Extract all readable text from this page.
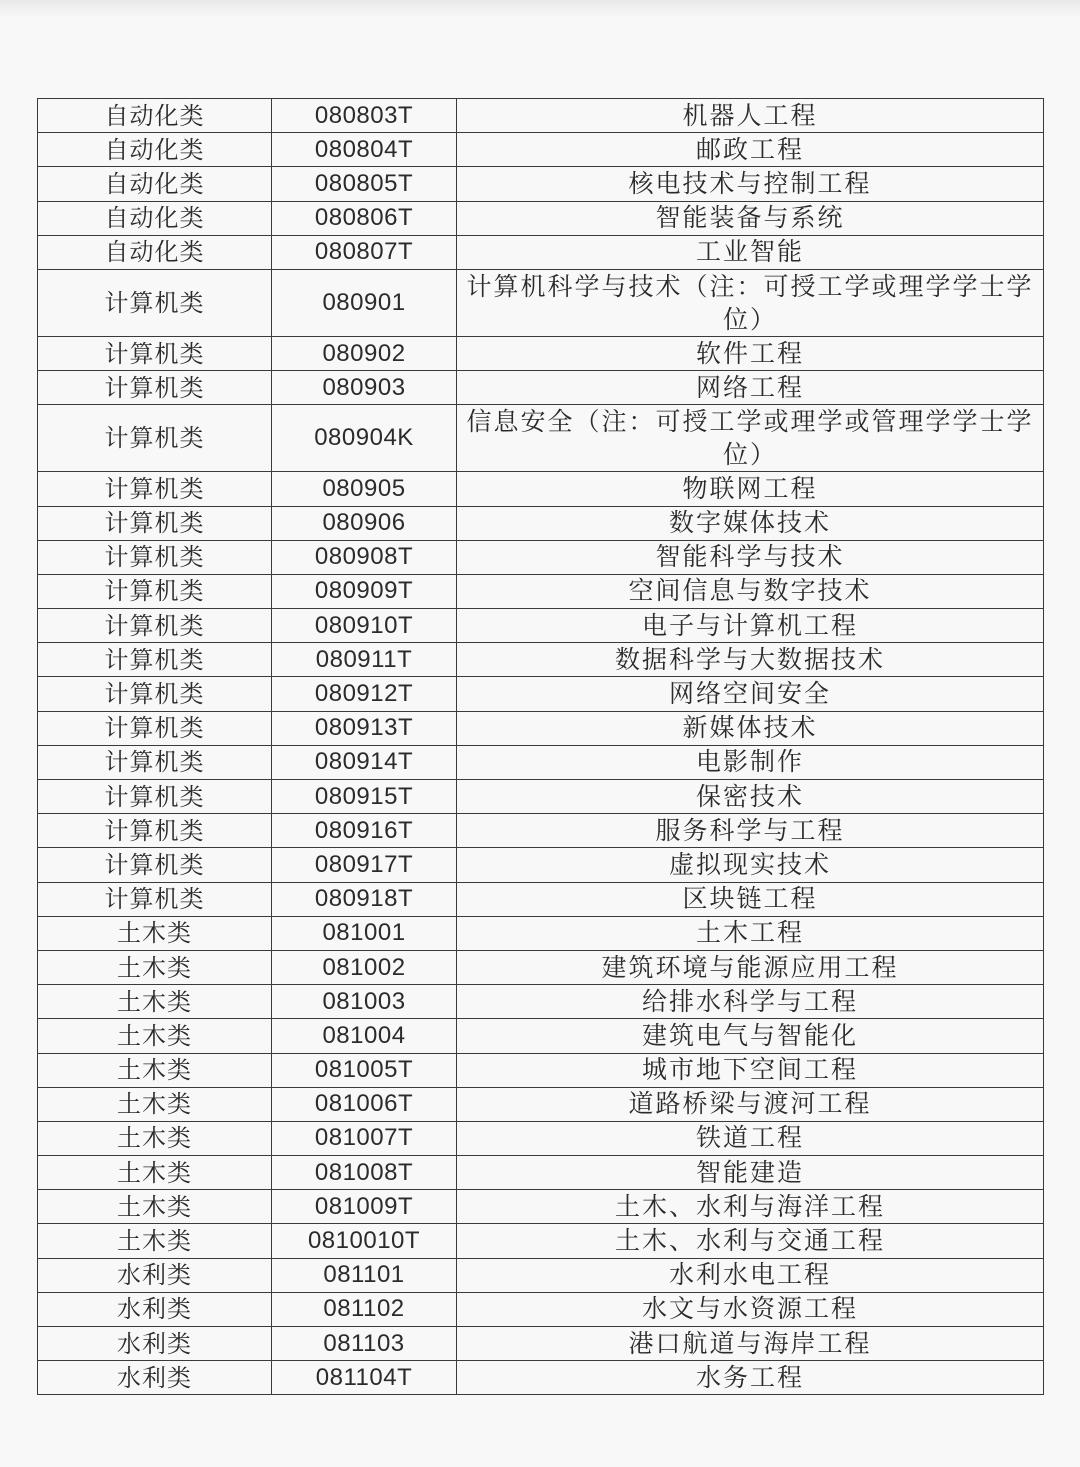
自动化类	080803T	机器人工程
自动化类	080804T	邮政工程
自动化类	080805T	核电技术与控制工程
自动化类	080806T	智能装备与系统
自动化类	080807T	工业智能
计算机类	080901	计算机科学与技术（注：可授工学或理学学士学位）
计算机类	080902	软件工程
计算机类	080903	网络工程
计算机类	080904K	信息安全（注：可授工学或理学或管理学学士学位）
计算机类	080905	物联网工程
计算机类	080906	数字媒体技术
计算机类	080908T	智能科学与技术
计算机类	080909T	空间信息与数字技术
计算机类	080910T	电子与计算机工程
计算机类	080911T	数据科学与大数据技术
计算机类	080912T	网络空间安全
计算机类	080913T	新媒体技术
计算机类	080914T	电影制作
计算机类	080915T	保密技术
计算机类	080916T	服务科学与工程
计算机类	080917T	虚拟现实技术
计算机类	080918T	区块链工程
土木类	081001	土木工程
土木类	081002	建筑环境与能源应用工程
土木类	081003	给排水科学与工程
土木类	081004	建筑电气与智能化
土木类	081005T	城市地下空间工程
土木类	081006T	道路桥梁与渡河工程
土木类	081007T	铁道工程
土木类	081008T	智能建造
土木类	081009T	土木、水利与海洋工程
土木类	0810010T	土木、水利与交通工程
水利类	081101	水利水电工程
水利类	081102	水文与水资源工程
水利类	081103	港口航道与海岸工程
水利类	081104T	水务工程
